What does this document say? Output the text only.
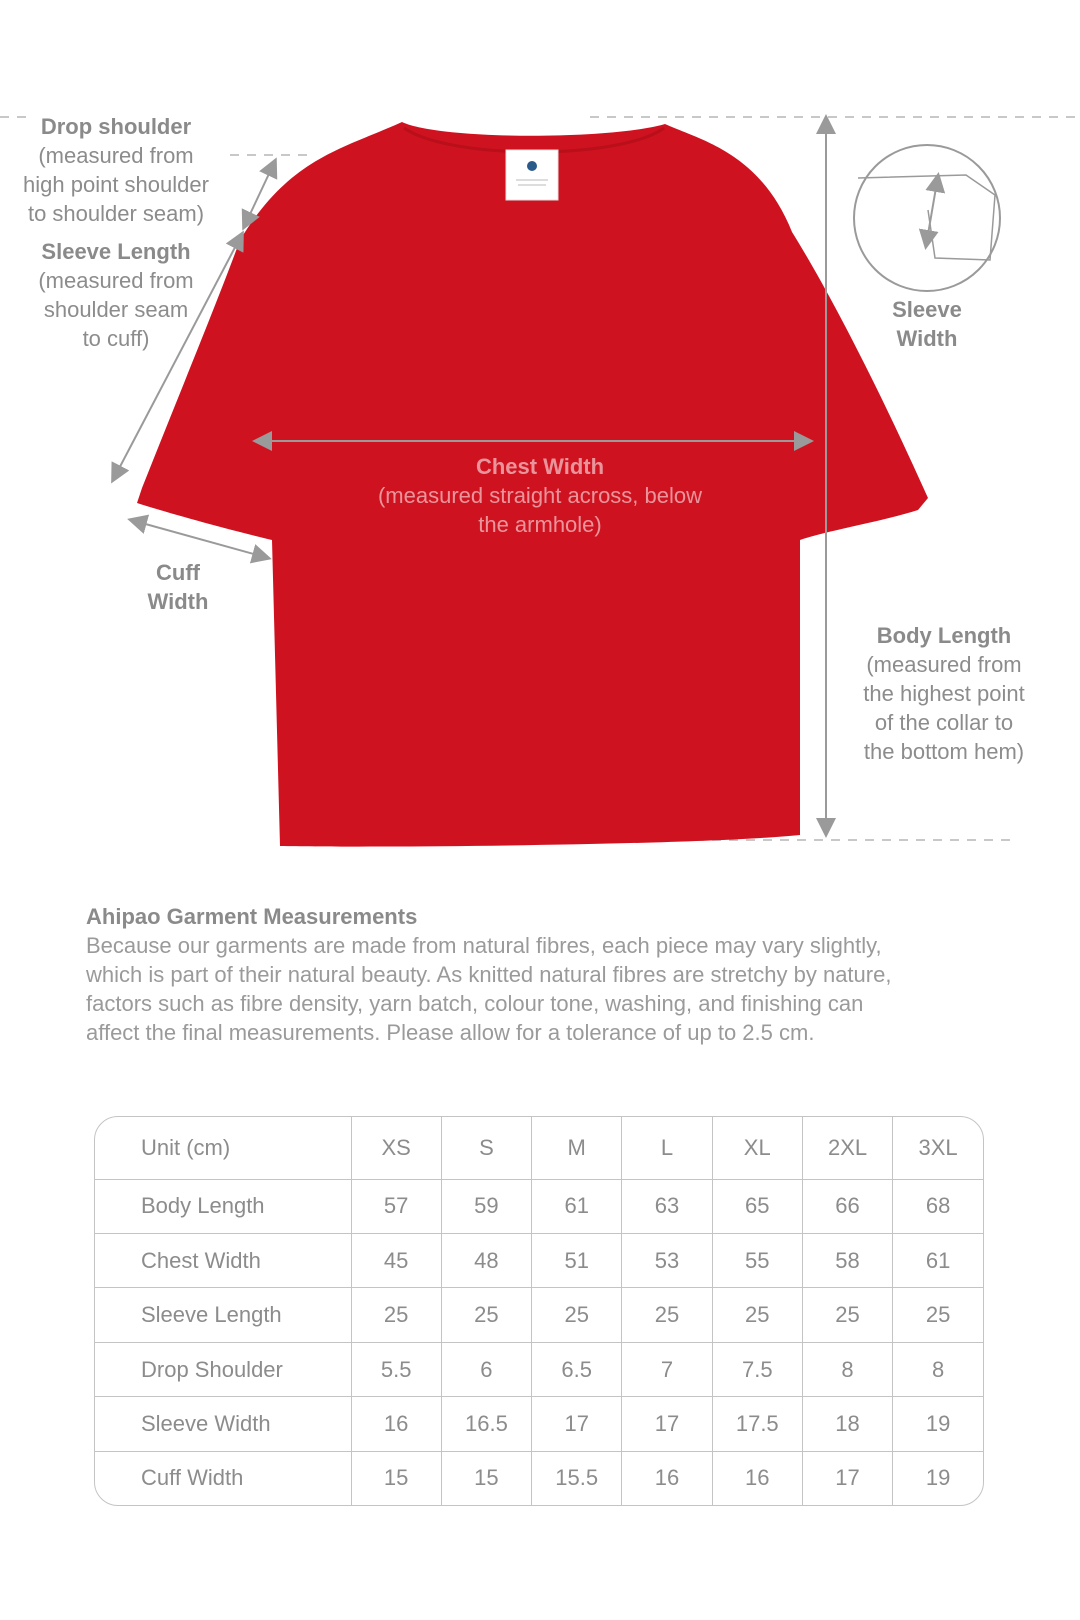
Drop shoulder
(measured from
high point shoulder
to shoulder seam)
Sleeve Length
(measured from
shoulder seam
to cuff)
Cuff
Width
Sleeve
Width
Chest Width
(measured straight across, below
the armhole)
Body Length
(measured from
the highest point
of the collar to
the bottom hem)
Ahipao Garment Measurements

Because our garments are made from natural fibres, each piece may vary slightly,

which is part of their natural beauty. As knitted natural fibres are stretchy by nature,

factors such as fibre density, yarn batch, colour tone, washing, and finishing can

affect the final measurements. Please allow for a tolerance of up to 2.5 cm.

Unit (cm)	XS	S	M	L	XL	2XL	3XL
Body Length	57	59	61	63	65	66	68
Chest Width	45	48	51	53	55	58	61
Sleeve Length	25	25	25	25	25	25	25
Drop Shoulder	5.5	6	6.5	7	7.5	8	8
Sleeve Width	16	16.5	17	17	17.5	18	19
Cuff Width	15	15	15.5	16	16	17	19
